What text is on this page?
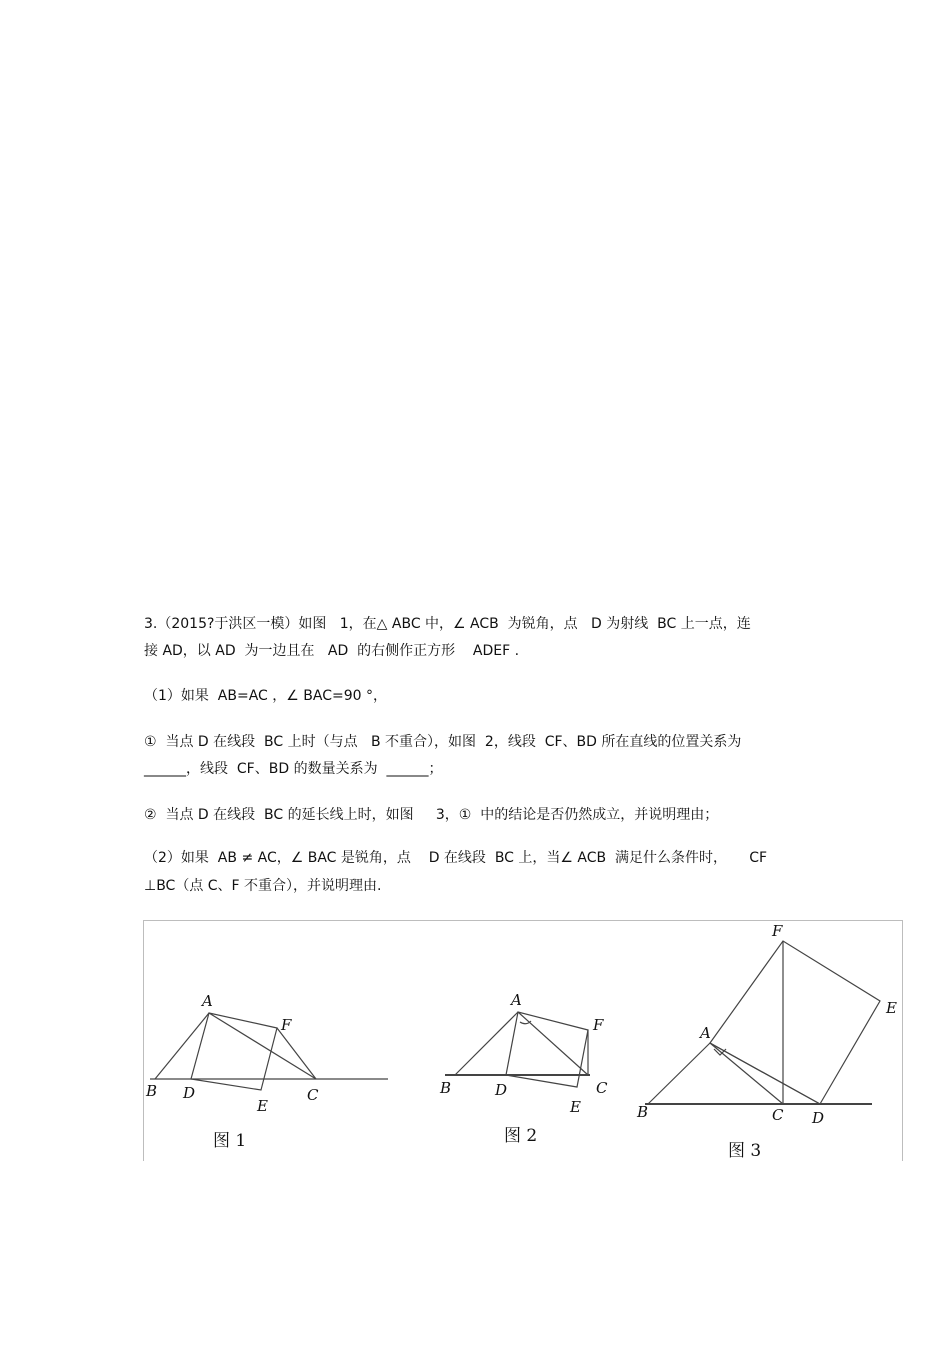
3.（2015?于洪区一模）如图   1，在△ ABC 中，∠ ACB  为锐角，点   D 为射线  BC 上一点，连
接 AD，以 AD  为一边且在   AD  的右侧作正方形    ADEF .
（1）如果  AB=AC ，∠ BAC=90 °，
①  当点 D 在线段  BC 上时（与点   B 不重合），如图  2，线段  CF、BD 所在直线的位置关系为
______，线段  CF、BD 的数量关系为  ______；
②  当点 D 在线段  BC 的延长线上时，如图     3，①  中的结论是否仍然成立，并说明理由；
（2）如果  AB ≠ AC，∠ BAC 是锐角，点    D 在线段  BC 上，当∠ ACB  满足什么条件时，     CF
⊥BC（点 C、F 不重合），并说明理由.
A
B D
E
F
C
图 1
A
B	D
E
F
C
图 2
A
B	C D
E
F
图 3
